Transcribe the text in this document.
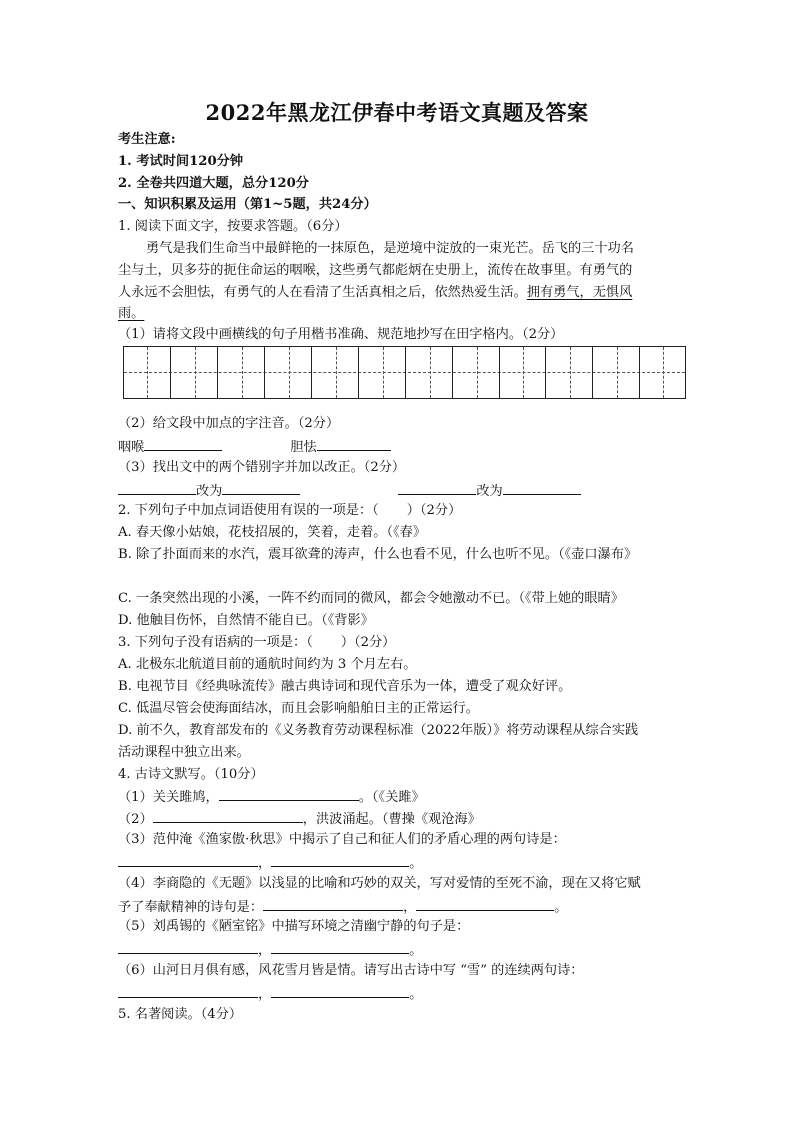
2022年黑龙江伊春中考语文真题及答案
考生注意:
1. 考试时间120分钟
2. 全卷共四道大题，总分120分
一、知识积累及运用（第1~5题，共24分）
1. 阅读下面文字，按要求答题。（6分）
勇气是我们生命当中最鲜艳的一抹原色，是逆境中淀放的一束光芒。岳飞的三十功名
尘与土，贝多芬的扼住命运的咽喉，这些勇气都彪炳在史册上，流传在故事里。有勇气的
人永远不会胆怯，有勇气的人在看清了生活真相之后，依然热爱生活。拥有勇气，无惧风
雨。
（1）请将文段中画横线的句子用楷书准确、规范地抄写在田字格内。（2分）
（2）给文段中加点的字注音。（2分）
咽喉	胆怯
（3）找出文中的两个错别字并加以改正。（2分）
改为	改为
2. 下列句子中加点词语使用有误的一项是：（ ）（2分）
A. 春天像小姑娘，花枝招展的，笑着，走着。（《春》
B. 除了扑面而来的水汽，震耳欲聋的涛声，什么也看不见，什么也听不见。（《壶口瀑布》
C. 一条突然出现的小溪，一阵不约而同的微风，都会令她激动不已。（《带上她的眼睛》
D. 他触目伤怀，自然情不能自已。（《背影》
3. 下列句子没有语病的一项是：（ ）（2分）
A. 北极东北航道目前的通航时间约为 3 个月左右。
B. 电视节目《经典咏流传》融古典诗词和现代音乐为一体，遭受了观众好评。
C. 低温尽管会使海面结冰，而且会影响船舶日主的正常运行。
D. 前不久，教育部发布的《义务教育劳动课程标准（2022年版）》将劳动课程从综合实践
活动课程中独立出来。
4. 古诗文默写。（10分）
（1）关关雎鸠，	。（《关雎》
（2）	，洪波涌起。（曹操《观沧海》
（3）范仲淹《渔家傲·秋思》中揭示了自己和征人们的矛盾心理的两句诗是：
，	。
（4）李商隐的《无题》以浅显的比喻和巧妙的双关，写对爱情的至死不渝，现在又将它赋
予了奉献精神的诗句是：	，	。
（5）刘禹锡的《陋室铭》中描写环境之清幽宁静的句子是：
，	。
（6）山河日月俱有感，风花雪月皆是情。请写出古诗中写 “雪” 的连续两句诗：
，	。
5. 名著阅读。（4分）
